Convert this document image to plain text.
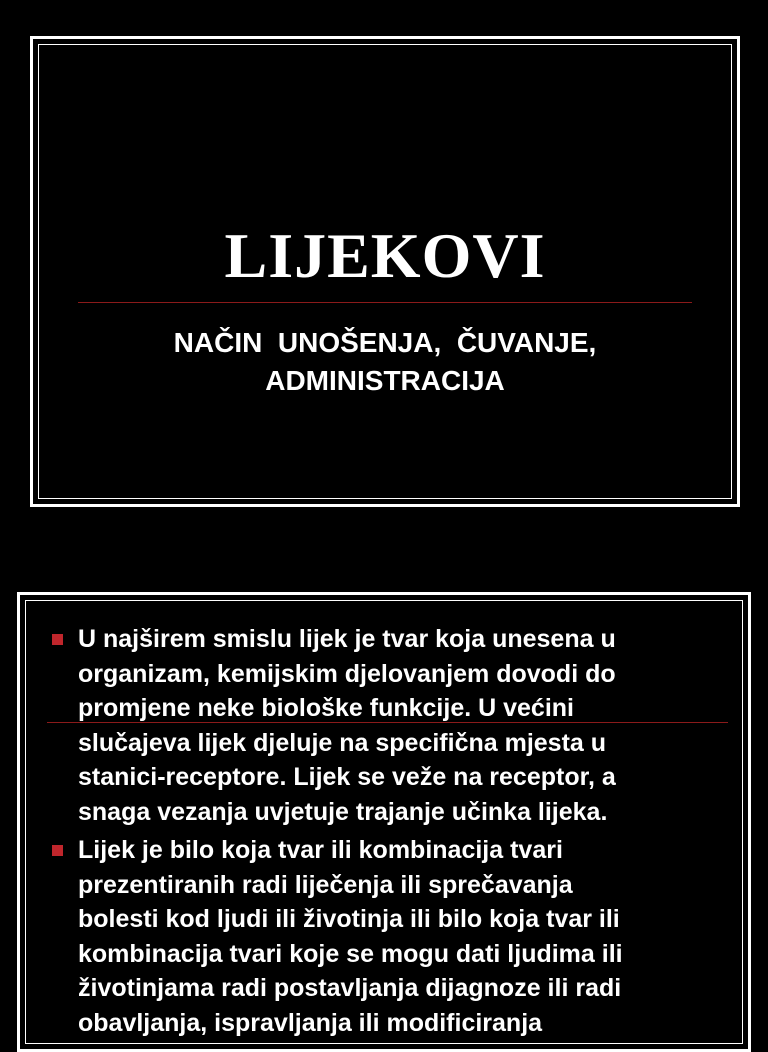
LIJEKOVI
NAČIN  UNOŠENJA,  ČUVANJE,
ADMINISTRACIJA
U najširem smislu lijek je tvar koja unesena u
organizam, kemijskim djelovanjem dovodi do
promjene neke biološke funkcije. U većini
slučajeva lijek djeluje na specifična mjesta u
stanici-receptore. Lijek se veže na receptor, a
snaga vezanja uvjetuje trajanje učinka lijeka.
Lijek je bilo koja tvar ili kombinacija tvari
prezentiranih radi liječenja ili sprečavanja
bolesti kod ljudi ili životinja ili bilo koja tvar ili
kombinacija tvari koje se mogu dati ljudima ili
životinjama radi postavljanja dijagnoze ili radi
obavljanja, ispravljanja ili modificiranja
